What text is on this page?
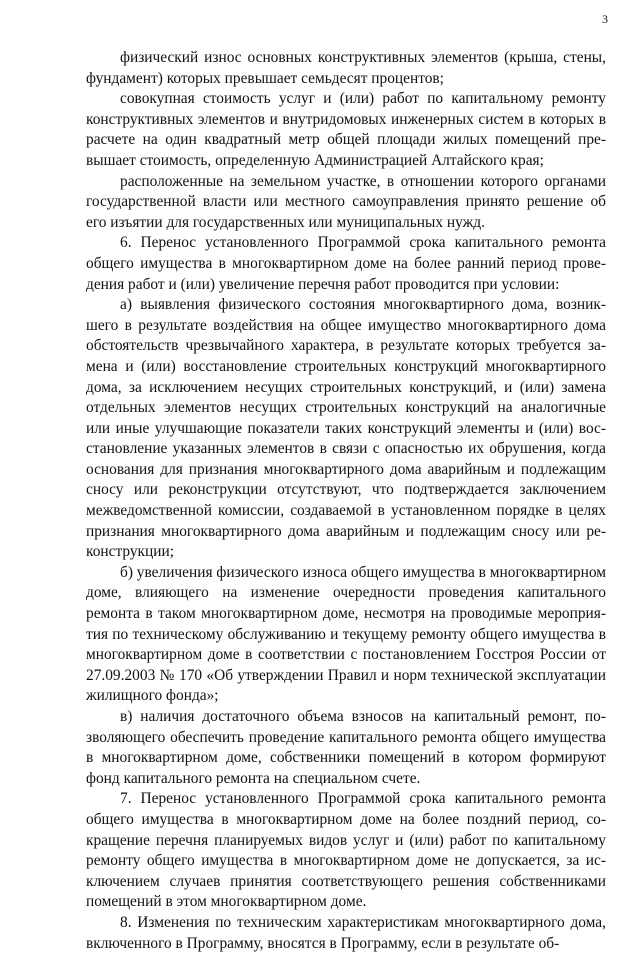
3

физический износ основных конструктивных элементов (крыша, стены, фундамент) которых превышает семьдесят процентов;

совокупная стоимость услуг и (или) работ по капитальному ремонту конструктивных элементов и внутридомовых инженерных систем в которых в расчете на один квадратный метр общей площади жилых помещений превышает стоимость, определенную Администрацией Алтайского края;

расположенные на земельном участке, в отношении которого органами государственной власти или местного самоуправления принято решение об его изъятии для государственных или муниципальных нужд.

6. Перенос установленного Программой срока капитального ремонта общего имущества в многоквартирном доме на более ранний период проведения работ и (или) увеличение перечня работ проводится при условии:

а) выявления физического состояния многоквартирного дома, возникшего в результате воздействия на общее имущество многоквартирного дома обстоятельств чрезвычайного характера, в результате которых требуется замена и (или) восстановление строительных конструкций многоквартирного дома, за исключением несущих строительных конструкций, и (или) замена отдельных элементов несущих строительных конструкций на аналогичные или иные улучшающие показатели таких конструкций элементы и (или) восстановление указанных элементов в связи с опасностью их обрушения, когда основания для признания многоквартирного дома аварийным и подлежащим сносу или реконструкции отсутствуют, что подтверждается заключением межведомственной комиссии, создаваемой в установленном порядке в целях признания многоквартирного дома аварийным и подлежащим сносу или реконструкции;

б) увеличения физического износа общего имущества в многоквартирном доме, влияющего на изменение очередности проведения капитального ремонта в таком многоквартирном доме, несмотря на проводимые мероприятия по техническому обслуживанию и текущему ремонту общего имущества в многоквартирном доме в соответствии с постановлением Госстроя России от 27.09.2003 № 170 «Об утверждении Правил и норм технической эксплуатации жилищного фонда»;

в) наличия достаточного объема взносов на капитальный ремонт, позволяющего обеспечить проведение капитального ремонта общего имущества в многоквартирном доме, собственники помещений в котором формируют фонд капитального ремонта на специальном счете.

7. Перенос установленного Программой срока капитального ремонта общего имущества в многоквартирном доме на более поздний период, сокращение перечня планируемых видов услуг и (или) работ по капитальному ремонту общего имущества в многоквартирном доме не допускается, за исключением случаев принятия соответствующего решения собственниками помещений в этом многоквартирном доме.

8. Изменения по техническим характеристикам многоквартирного дома, включенного в Программу, вносятся в Программу, если в результате об-
